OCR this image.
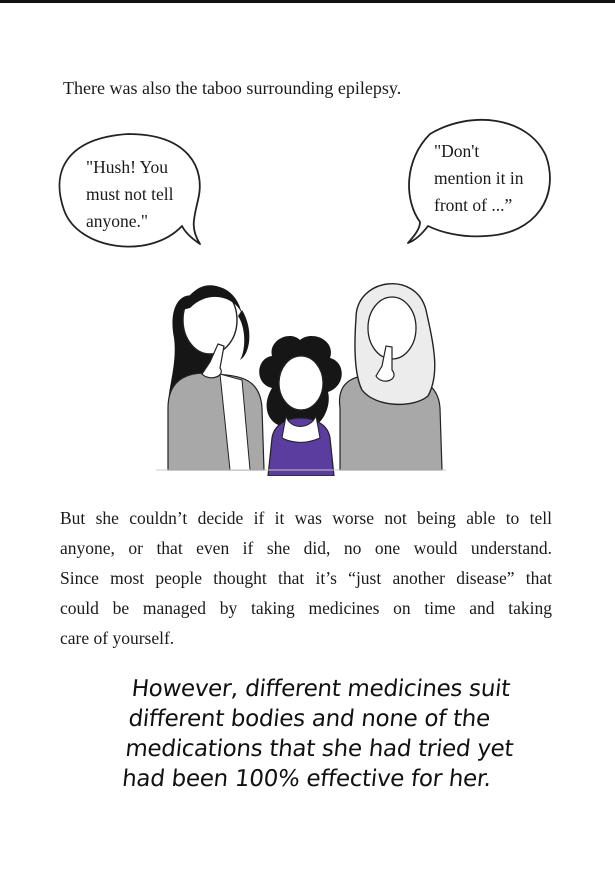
There was also the taboo surrounding epilepsy.
"Hush! You
must not tell
anyone."
"Don't
mention it in
front of ...”
But she couldn’t decide if it was worse not being able to tell
anyone, or that even if she did, no one would understand.
Since most people thought that it’s “just another disease” that
could be managed by taking medicines on time and taking
care of yourself.
However, different medicines suit
different bodies and none of the
medications that she had tried yet
had been 100% effective for her.
